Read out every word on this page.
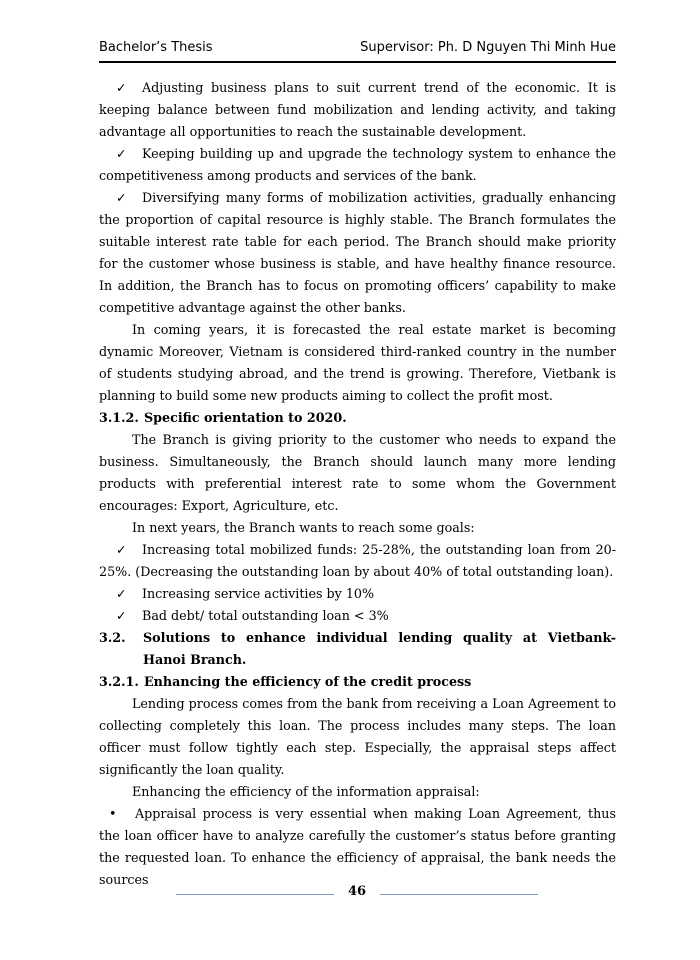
Bachelor’s Thesis	Supervisor: Ph. D Nguyen Thi Minh Hue

✓ Adjusting business plans to suit current trend of the economic. It is keeping balance between fund mobilization and lending activity, and taking advantage all opportunities to reach the sustainable development.

✓ Keeping building up and upgrade the technology system to enhance the competitiveness among products and services of the bank.

✓ Diversifying many forms of mobilization activities, gradually enhancing the proportion of capital resource is highly stable. The Branch formulates the suitable interest rate table for each period. The Branch should make priority for the customer whose business is stable, and have healthy finance resource. In addition, the Branch has to focus on promoting officers’ capability to make competitive advantage against the other banks.

In coming years, it is forecasted the real estate market is becoming dynamic Moreover, Vietnam is considered third-ranked country in the number of students studying abroad, and the trend is growing. Therefore, Vietbank is planning to build some new products aiming to collect the profit most.

3.1.2. Specific orientation to 2020.

The Branch is giving priority to the customer who needs to expand the business. Simultaneously, the Branch should launch many more lending products with preferential interest rate to some whom the Government encourages: Export, Agriculture, etc.

In next years, the Branch wants to reach some goals:

✓ Increasing total mobilized funds: 25-28%, the outstanding loan from 20-25%. (Decreasing the outstanding loan by about 40% of total outstanding loan).

✓ Increasing service activities by 10%

✓ Bad debt/ total outstanding loan < 3%

3.2. Solutions to enhance individual lending quality at Vietbank- Hanoi Branch.

3.2.1. Enhancing the efficiency of the credit process

Lending process comes from the bank from receiving a Loan Agreement to collecting completely this loan. The process includes many steps. The loan officer must follow tightly each step. Especially, the appraisal steps affect significantly the loan quality.

Enhancing the efficiency of the information appraisal:

• Appraisal process is very essential when making Loan Agreement, thus the loan officer have to analyze carefully the customer’s status before granting the requested loan. To enhance the efficiency of appraisal, the bank needs the sources

46
